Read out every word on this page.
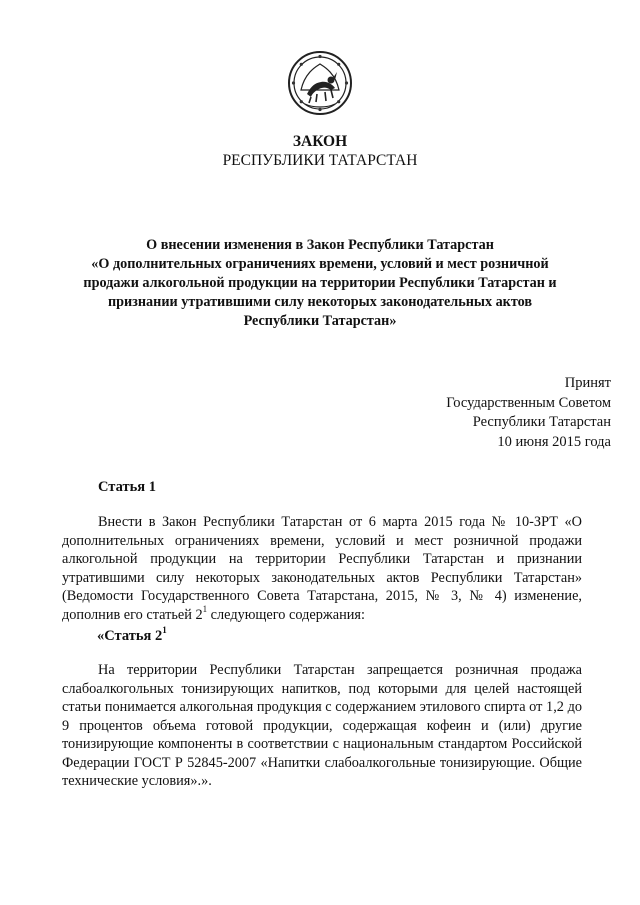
ЗАКОН
РЕСПУБЛИКИ ТАТАРСТАН
О внесении изменения в Закон Республики Татарстан
«О дополнительных ограничениях времени, условий и мест розничной
продажи алкогольной продукции на территории Республики Татарстан и
признании утратившими силу некоторых законодательных актов
Республики Татарстан»
Принят
Государственным Советом
Республики Татарстан
10 июня 2015 года
Статья 1
Внести в Закон Республики Татарстан от 6 марта 2015 года № 10-ЗРТ «О дополнительных ограничениях времени, условий и мест розничной продажи алкогольной продукции на территории Республики Татарстан и признании утратившими силу некоторых законодательных актов Республики Татарстан» (Ведомости Государственного Совета Татарстана, 2015, № 3, № 4) изменение, дополнив его статьей $2^1$ следующего содержания:
«Статья $2^1$
На территории Республики Татарстан запрещается розничная продажа слабоалкогольных тонизирующих напитков, под которыми для целей настоящей статьи понимается алкогольная продукция с содержанием этилового спирта от 1,2 до 9 процентов объема готовой продукции, содержащая кофеин и (или) другие тонизирующие компоненты в соответствии с национальным стандартом Российской Федерации ГОСТ Р 52845-2007 «Напитки слабоалкогольные тонизирующие. Общие технические условия».».
